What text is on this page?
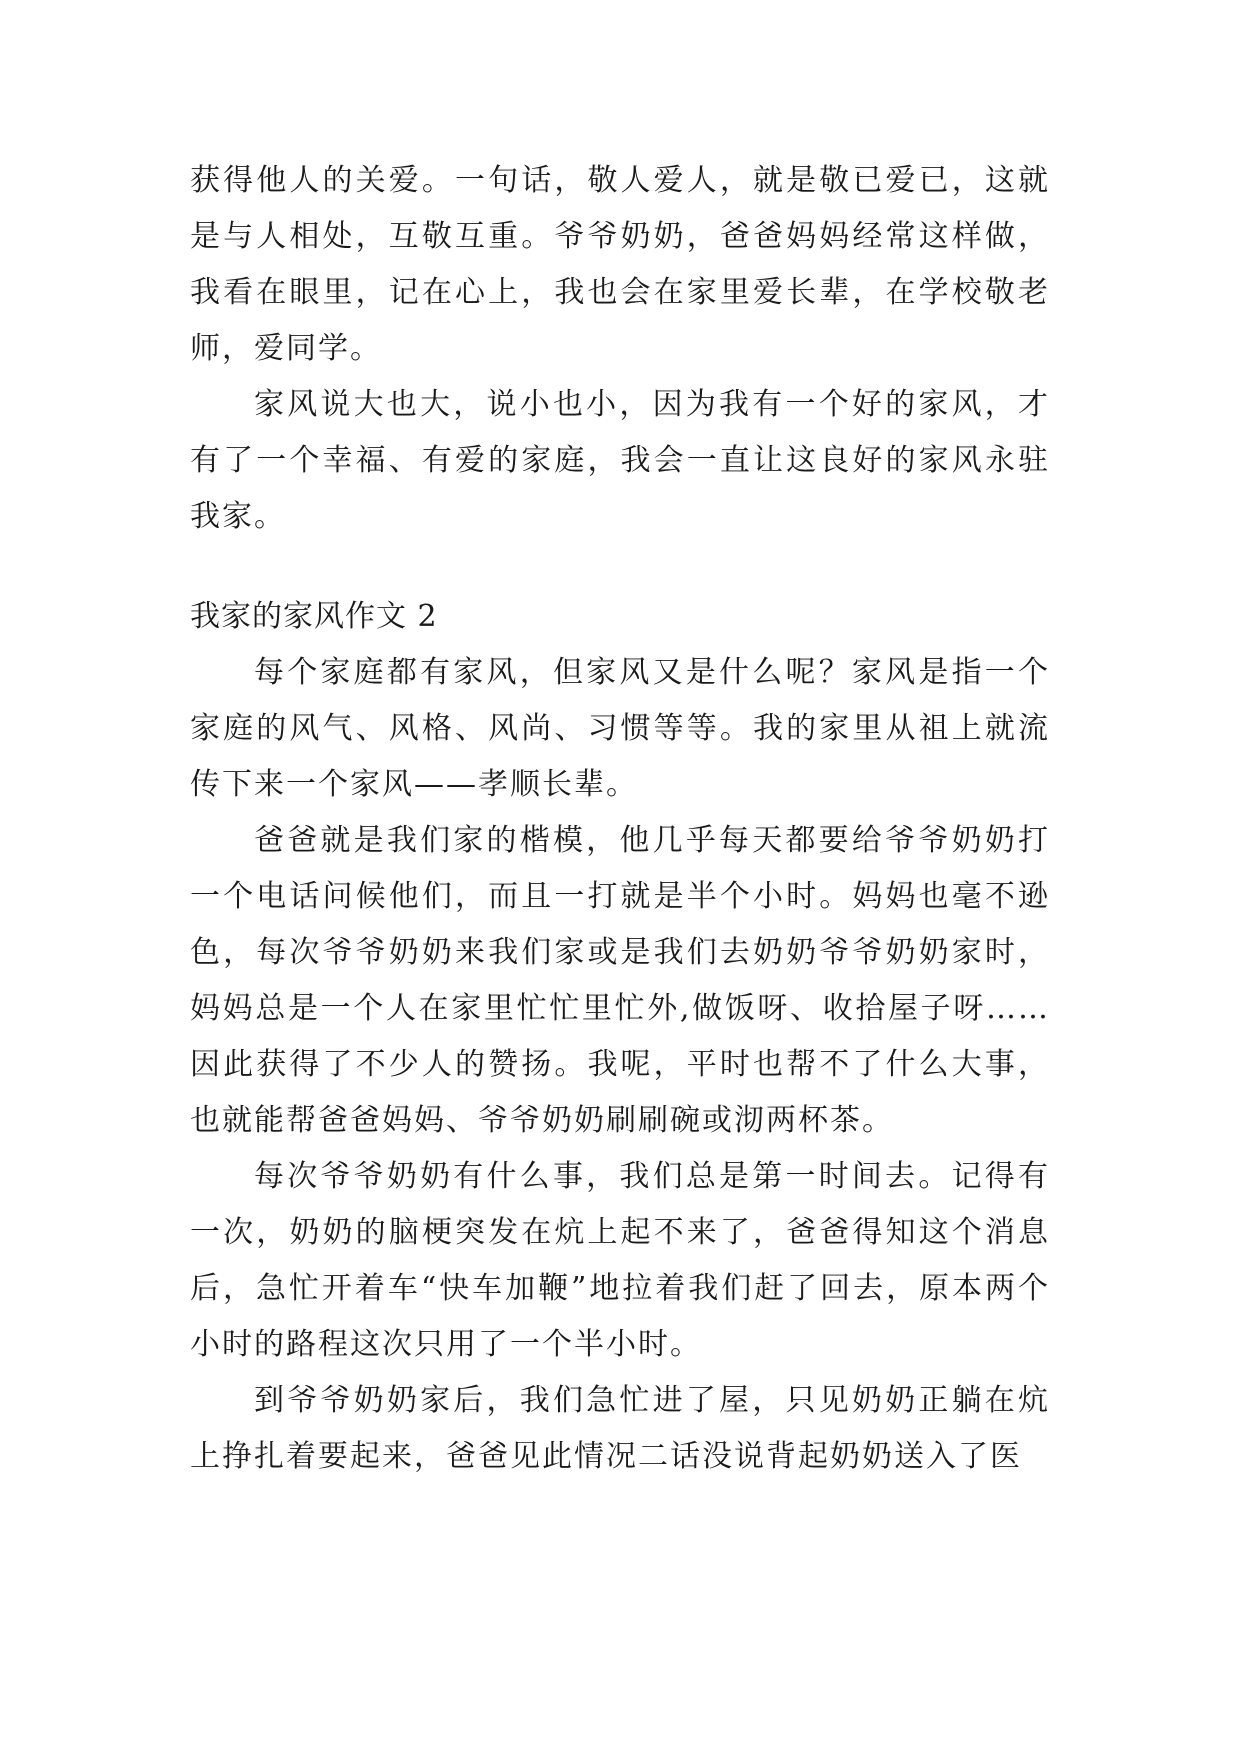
获得他人的关爱。一句话，敬人爱人，就是敬已爱已，这就是与人相处，互敬互重。爷爷奶奶，爸爸妈妈经常这样做，我看在眼里，记在心上，我也会在家里爱长辈，在学校敬老师，爱同学。

家风说大也大，说小也小，因为我有一个好的家风，才有了一个幸福、有爱的家庭，我会一直让这良好的家风永驻我家。

我家的家风作文 2

每个家庭都有家风，但家风又是什么呢？家风是指一个家庭的风气、风格、风尚、习惯等等。我的家里从祖上就流传下来一个家风——孝顺长辈。

爸爸就是我们家的楷模，他几乎每天都要给爷爷奶奶打一个电话问候他们，而且一打就是半个小时。妈妈也毫不逊色，每次爷爷奶奶来我们家或是我们去奶奶爷爷奶奶家时，妈妈总是一个人在家里忙忙里忙外,做饭呀、收拾屋子呀……因此获得了不少人的赞扬。我呢，平时也帮不了什么大事，也就能帮爸爸妈妈、爷爷奶奶刷刷碗或沏两杯茶。

每次爷爷奶奶有什么事，我们总是第一时间去。记得有一次，奶奶的脑梗突发在炕上起不来了，爸爸得知这个消息后，急忙开着车“快车加鞭”地拉着我们赶了回去，原本两个小时的路程这次只用了一个半小时。

到爷爷奶奶家后，我们急忙进了屋，只见奶奶正躺在炕上挣扎着要起来，爸爸见此情况二话没说背起奶奶送入了医
